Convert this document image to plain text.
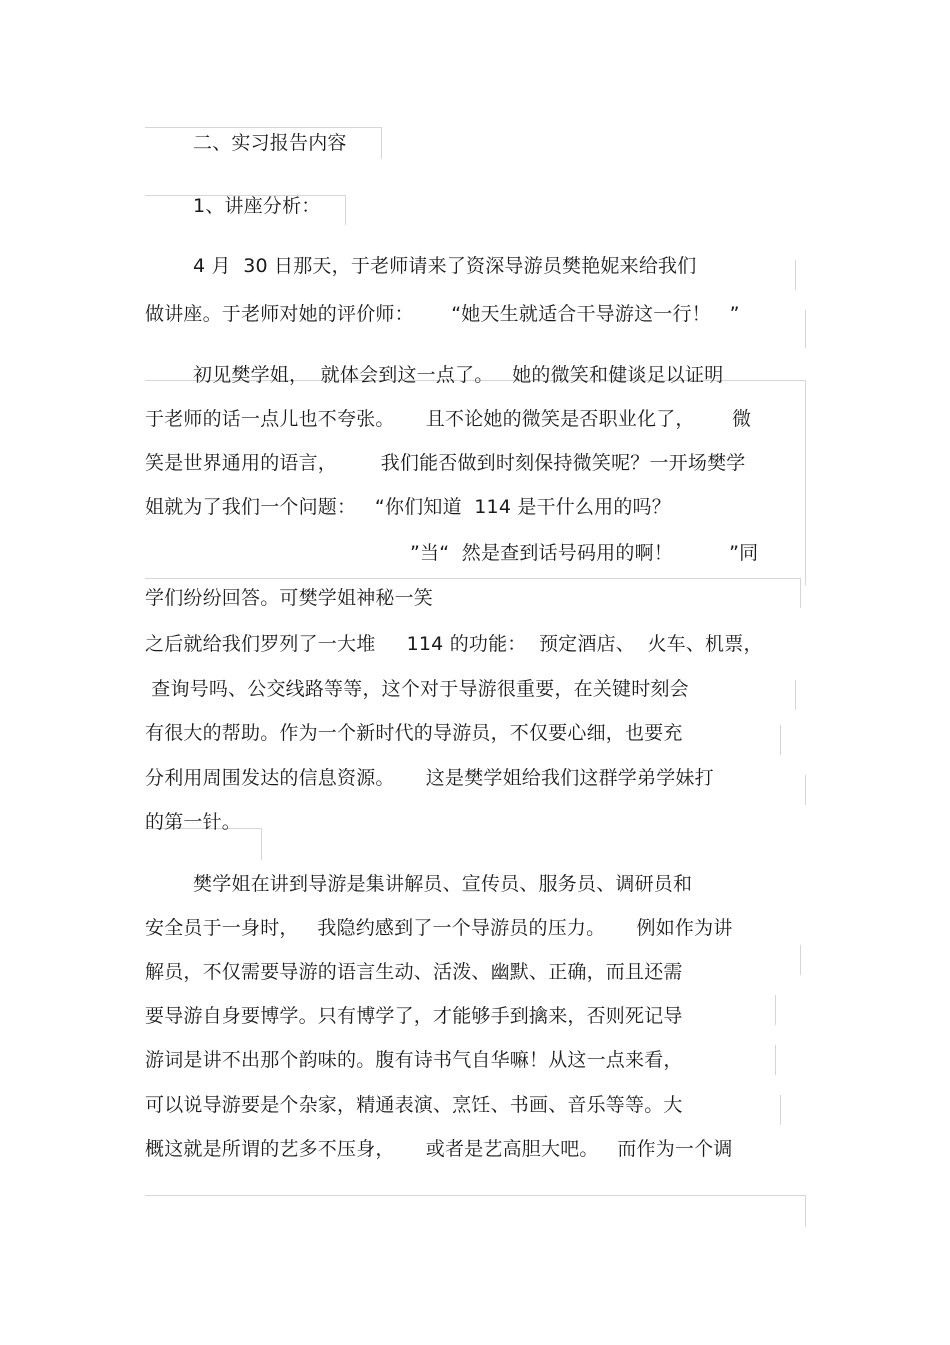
二、实习报告内容
1、讲座分析：
4 月  30 日那天，于老师请来了资深导游员樊艳妮来给我们
做讲座。于老师对她的评价师：      “她天生就适合干导游这一行！   ”
初见樊学姐，  就体会到这一点了。   她的微笑和健谈足以证明
于老师的话一点儿也不夸张。     且不论她的微笑是否职业化了，      微
笑是世界通用的语言，       我们能否做到时刻保持微笑呢？一开场樊学
姐就为了我们一个问题：   “你们知道  114 是干什么用的吗？
”当“  然是查到话号码用的啊！         ”同
学们纷纷回答。可樊学姐神秘一笑
之后就给我们罗列了一大堆     114 的功能：  预定酒店、  火车、机票，
查询号吗、公交线路等等，这个对于导游很重要，在关键时刻会
有很大的帮助。作为一个新时代的导游员，不仅要心细，也要充
分利用周围发达的信息资源。     这是樊学姐给我们这群学弟学妹打
的第一针。
樊学姐在讲到导游是集讲解员、宣传员、服务员、调研员和
安全员于一身时，   我隐约感到了一个导游员的压力。     例如作为讲
解员，不仅需要导游的语言生动、活泼、幽默、正确，而且还需
要导游自身要博学。只有博学了，才能够手到擒来，否则死记导
游词是讲不出那个韵味的。腹有诗书气自华嘛！从这一点来看，
可以说导游要是个杂家，精通表演、烹饪、书画、音乐等等。大
概这就是所谓的艺多不压身，     或者是艺高胆大吧。   而作为一个调
